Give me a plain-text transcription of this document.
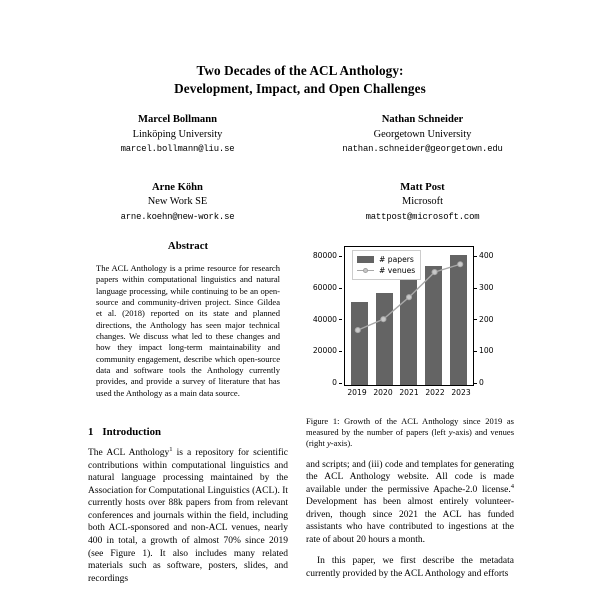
Two Decades of the ACL Anthology:
Development, Impact, and Open Challenges
Marcel Bollmann
Linköping University
marcel.bollmann@liu.se
Nathan Schneider
Georgetown University
nathan.schneider@georgetown.edu
Arne Köhn
New Work SE
arne.koehn@new-work.se
Matt Post
Microsoft
mattpost@microsoft.com
Abstract
The ACL Anthology is a prime resource for research papers within computational linguistics and natural language processing, while continuing to be an open-source and community-driven project. Since Gildea et al. (2018) reported on its state and planned directions, the Anthology has seen major technical changes. We discuss what led to these changes and how they impact long-term maintainability and community engagement, describe which open-source data and software tools the Anthology currently provides, and provide a survey of literature that has used the Anthology as a main data source.
1 Introduction
The ACL Anthology$^1$ is a repository for scientific contributions within computational linguistics and natural language processing maintained by the Association for Computational Linguistics (ACL). It currently hosts over 88k papers from from relevant conferences and journals within the field, including both ACL-sponsored and non-ACL venues, nearly 400 in total, a growth of almost 70% since 2019 (see Figure 1). It also includes many related materials such as software, posters, slides, and recordings
0
20000
40000
60000
80000
0
100
200
300
400
# papers
# venues
2019 2020 2021 2022 2023
Figure 1: Growth of the ACL Anthology since 2019 as measured by the number of papers (left y-axis) and venues (right y-axis).
and scripts; and (iii) code and templates for generating the ACL Anthology website. All code is made available under the permissive Apache-2.0 license.$^4$ Development has been almost entirely volunteer-driven, though since 2021 the ACL has funded assistants who have contributed to ingestions at the rate of about 20 hours a month.
In this paper, we first describe the metadata currently provided by the ACL Anthology and efforts
